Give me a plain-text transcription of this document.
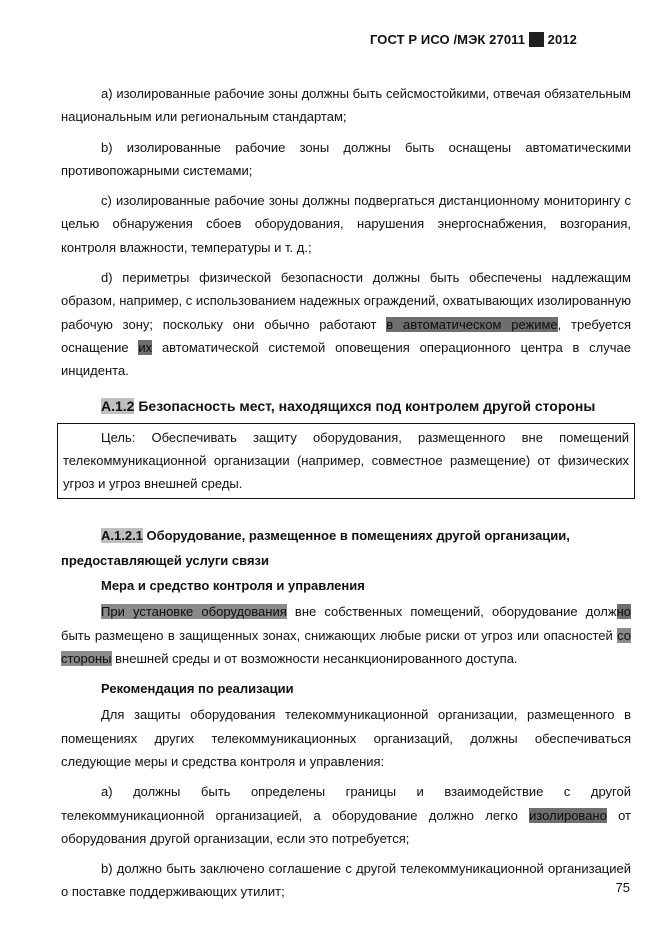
ГОСТ Р ИСО /МЭК 27011 — 2012

a) изолированные рабочие зоны должны быть сейсмостойкими, отвечая обязательным национальным или региональным стандартам;

b) изолированные рабочие зоны должны быть оснащены автоматическими противопожарными системами;

c) изолированные рабочие зоны должны подвергаться дистанционному мониторингу с целью обнаружения сбоев оборудования, нарушения энергоснабжения, возгорания, контроля влажности, температуры и т. д.;

d) периметры физической безопасности должны быть обеспечены надлежащим образом, например, с использованием надежных ограждений, охватывающих изолированную рабочую зону; поскольку они обычно работают в автоматическом режиме, требуется оснащение их автоматической системой оповещения операционного центра в случае инцидента.

A.1.2 Безопасность мест, находящихся под контролем другой стороны

Цель: Обеспечивать защиту оборудования, размещенного вне помещений телекоммуникационной организации (например, совместное размещение) от физических угроз и угроз внешней среды.

A.1.2.1 Оборудование, размещенное в помещениях другой организации, предоставляющей услуги связи
Мера и средство контроля и управления

При установке оборудования вне собственных помещений, оборудование должно быть размещено в защищенных зонах, снижающих любые риски от угроз или опасностей со стороны внешней среды и от возможности несанкционированного доступа.

Рекомендация по реализации

Для защиты оборудования телекоммуникационной организации, размещенного в помещениях других телекоммуникационных организаций, должны обеспечиваться следующие меры и средства контроля и управления:

a) должны быть определены границы и взаимодействие с другой телекоммуникационной организацией, а оборудование должно легко изолировано от оборудования другой организации, если это потребуется;

b) должно быть заключено соглашение с другой телекоммуникационной организацией о поставке поддерживающих утилит;	75
